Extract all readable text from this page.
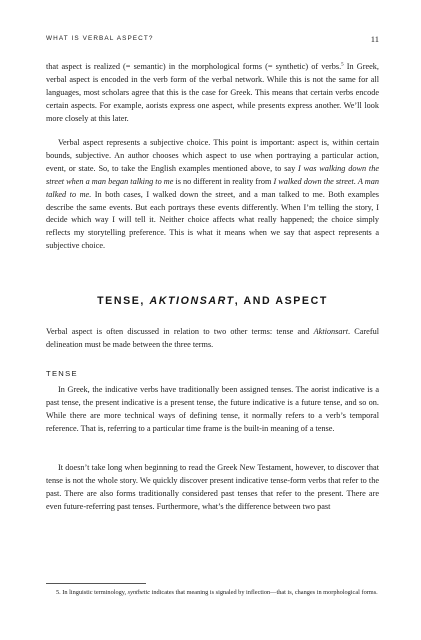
WHAT IS VERBAL ASPECT?	11

that aspect is realized (= semantic) in the morphological forms (= synthetic) of verbs.$^5$ In Greek, verbal aspect is encoded in the verb form of the verbal network. While this is not the same for all languages, most scholars agree that this is the case for Greek. This means that certain verbs encode certain aspects. For example, aorists express one aspect, while presents express another. We’ll look more closely at this later.

Verbal aspect represents a subjective choice. This point is important: aspect is, within certain bounds, subjective. An author chooses which aspect to use when portraying a particular action, event, or state. So, to take the English examples mentioned above, to say I was walking down the street when a man began talking to me is no different in reality from I walked down the street. A man talked to me. In both cases, I walked down the street, and a man talked to me. Both examples describe the same events. But each portrays these events differently. When I’m telling the story, I decide which way I will tell it. Neither choice affects what really happened; the choice simply reflects my storytelling preference. This is what it means when we say that aspect represents a subjective choice.

TENSE, AKTIONSART, AND ASPECT

Verbal aspect is often discussed in relation to two other terms: tense and Aktionsart. Careful delineation must be made between the three terms.

TENSE

In Greek, the indicative verbs have traditionally been assigned tenses. The aorist indicative is a past tense, the present indicative is a present tense, the future indicative is a future tense, and so on. While there are more technical ways of defining tense, it normally refers to a verb’s temporal reference. That is, referring to a particular time frame is the built-in meaning of a tense.

It doesn’t take long when beginning to read the Greek New Testament, however, to discover that tense is not the whole story. We quickly discover present indicative tense-form verbs that refer to the past. There are also forms traditionally considered past tenses that refer to the present. There are even future-referring past tenses. Furthermore, what’s the difference between two past

5. In linguistic terminology, synthetic indicates that meaning is signaled by inflection—that is, changes in morphological forms.
